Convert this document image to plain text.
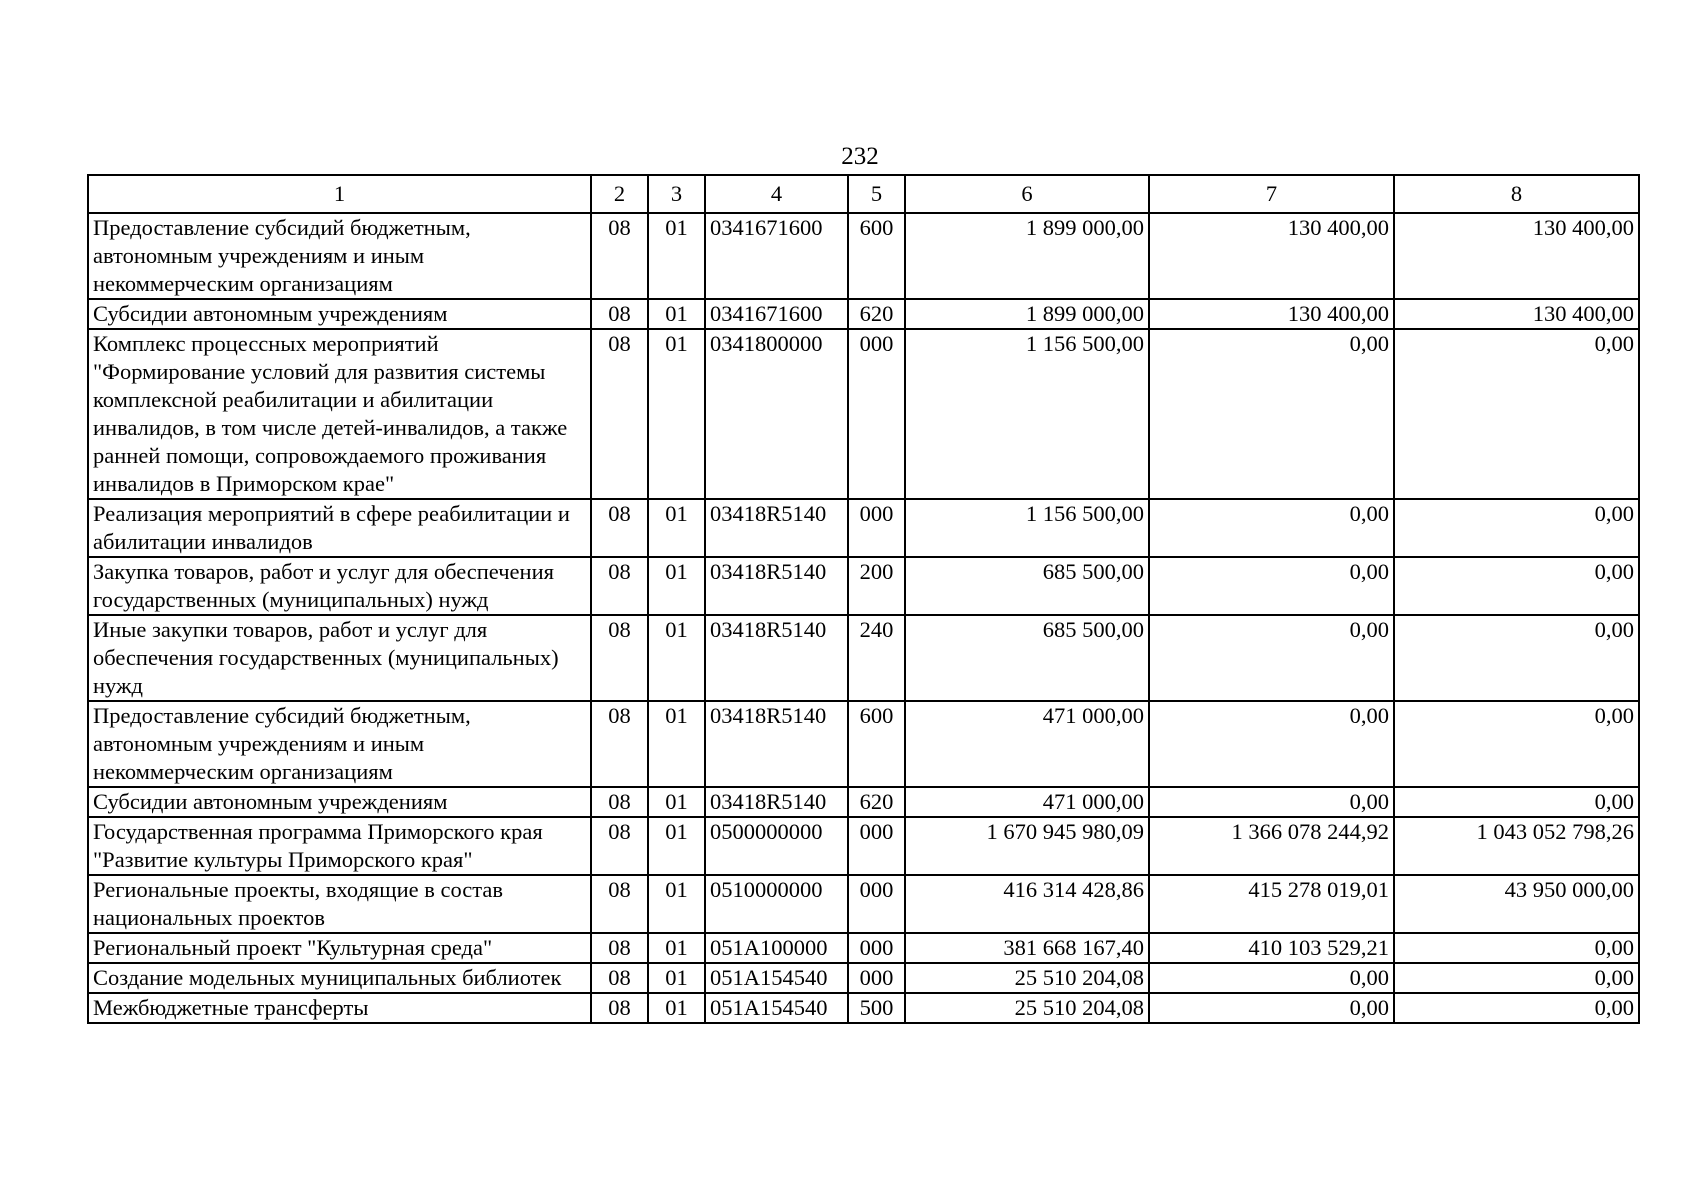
232
1	2	3	4	5	6	7	8
Предоставление субсидий бюджетным, автономным учреждениям и иным некоммерческим организациям	08	01	0341671600	600	1 899 000,00	130 400,00	130 400,00
Субсидии автономным учреждениям	08	01	0341671600	620	1 899 000,00	130 400,00	130 400,00
Комплекс процессных мероприятий "Формирование условий для развития системы комплексной реабилитации и абилитации инвалидов, в том числе детей-инвалидов, а также ранней помощи, сопровождаемого проживания инвалидов в Приморском крае"	08	01	0341800000	000	1 156 500,00	0,00	0,00
Реализация мероприятий в сфере реабилитации и абилитации инвалидов	08	01	03418R5140	000	1 156 500,00	0,00	0,00
Закупка товаров, работ и услуг для обеспечения государственных (муниципальных) нужд	08	01	03418R5140	200	685 500,00	0,00	0,00
Иные закупки товаров, работ и услуг для обеспечения государственных (муниципальных) нужд	08	01	03418R5140	240	685 500,00	0,00	0,00
Предоставление субсидий бюджетным, автономным учреждениям и иным некоммерческим организациям	08	01	03418R5140	600	471 000,00	0,00	0,00
Субсидии автономным учреждениям	08	01	03418R5140	620	471 000,00	0,00	0,00
Государственная программа Приморского края "Развитие культуры Приморского края"	08	01	0500000000	000	1 670 945 980,09	1 366 078 244,92	1 043 052 798,26
Региональные проекты, входящие в состав национальных проектов	08	01	0510000000	000	416 314 428,86	415 278 019,01	43 950 000,00
Региональный проект "Культурная среда"	08	01	051A100000	000	381 668 167,40	410 103 529,21	0,00
Создание модельных муниципальных библиотек	08	01	051A154540	000	25 510 204,08	0,00	0,00
Межбюджетные трансферты	08	01	051A154540	500	25 510 204,08	0,00	0,00
